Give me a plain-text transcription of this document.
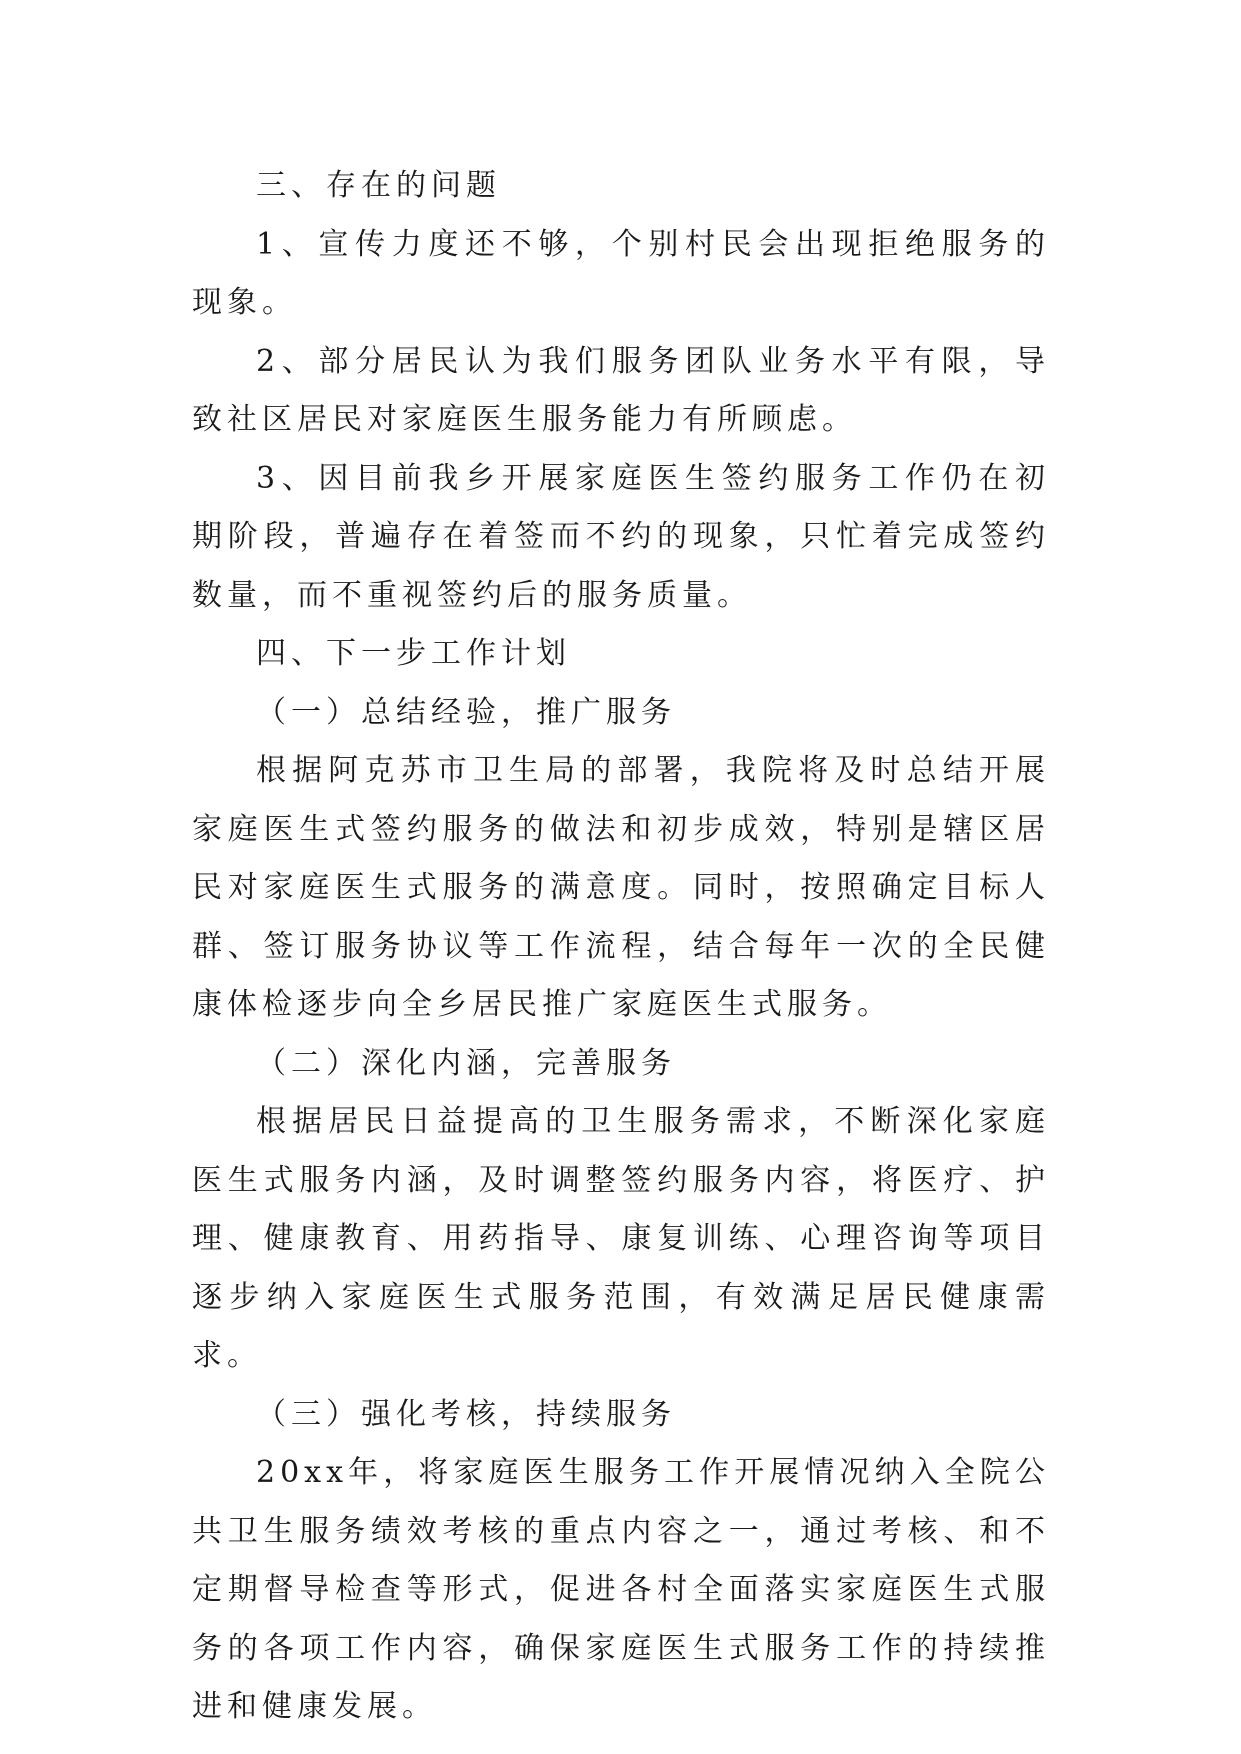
三、存在的问题

1、宣传力度还不够，个别村民会出现拒绝服务的现象。

2、部分居民认为我们服务团队业务水平有限，导致社区居民对家庭医生服务能力有所顾虑。

3、因目前我乡开展家庭医生签约服务工作仍在初期阶段，普遍存在着签而不约的现象，只忙着完成签约数量，而不重视签约后的服务质量。

四、下一步工作计划

（一）总结经验，推广服务

根据阿克苏市卫生局的部署，我院将及时总结开展家庭医生式签约服务的做法和初步成效，特别是辖区居民对家庭医生式服务的满意度。同时，按照确定目标人群、签订服务协议等工作流程，结合每年一次的全民健康体检逐步向全乡居民推广家庭医生式服务。

（二）深化内涵，完善服务

根据居民日益提高的卫生服务需求，不断深化家庭医生式服务内涵，及时调整签约服务内容，将医疗、护理、健康教育、用药指导、康复训练、心理咨询等项目逐步纳入家庭医生式服务范围，有效满足居民健康需求。

（三）强化考核，持续服务

20xx年，将家庭医生服务工作开展情况纳入全院公共卫生服务绩效考核的重点内容之一，通过考核、和不定期督导检查等形式，促进各村全面落实家庭医生式服务的各项工作内容，确保家庭医生式服务工作的持续推进和健康发展。
